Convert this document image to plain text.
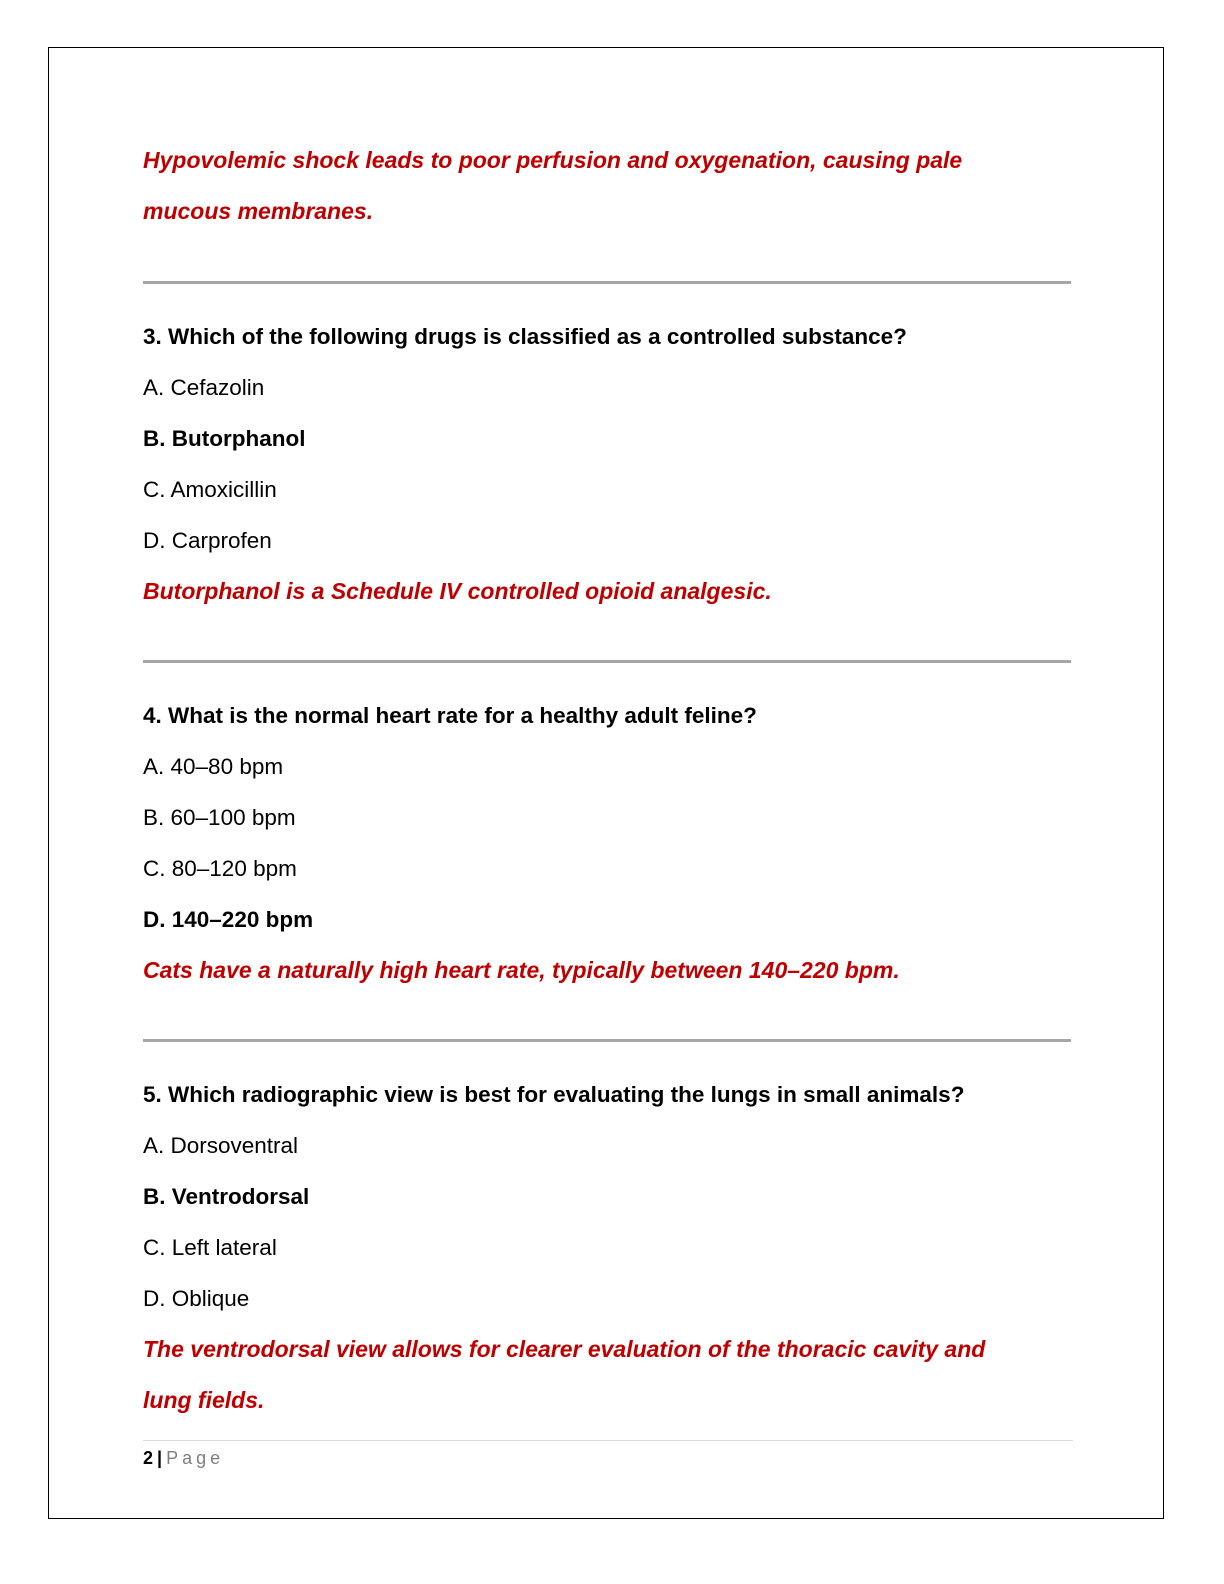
Hypovolemic shock leads to poor perfusion and oxygenation, causing pale

mucous membranes.

3. Which of the following drugs is classified as a controlled substance?

A. Cefazolin

B. Butorphanol

C. Amoxicillin

D. Carprofen

Butorphanol is a Schedule IV controlled opioid analgesic.

4. What is the normal heart rate for a healthy adult feline?

A. 40–80 bpm

B. 60–100 bpm

C. 80–120 bpm

D. 140–220 bpm

Cats have a naturally high heart rate, typically between 140–220 bpm.

5. Which radiographic view is best for evaluating the lungs in small animals?

A. Dorsoventral

B. Ventrodorsal

C. Left lateral

D. Oblique

The ventrodorsal view allows for clearer evaluation of the thoracic cavity and

lung fields.

2 | Page
